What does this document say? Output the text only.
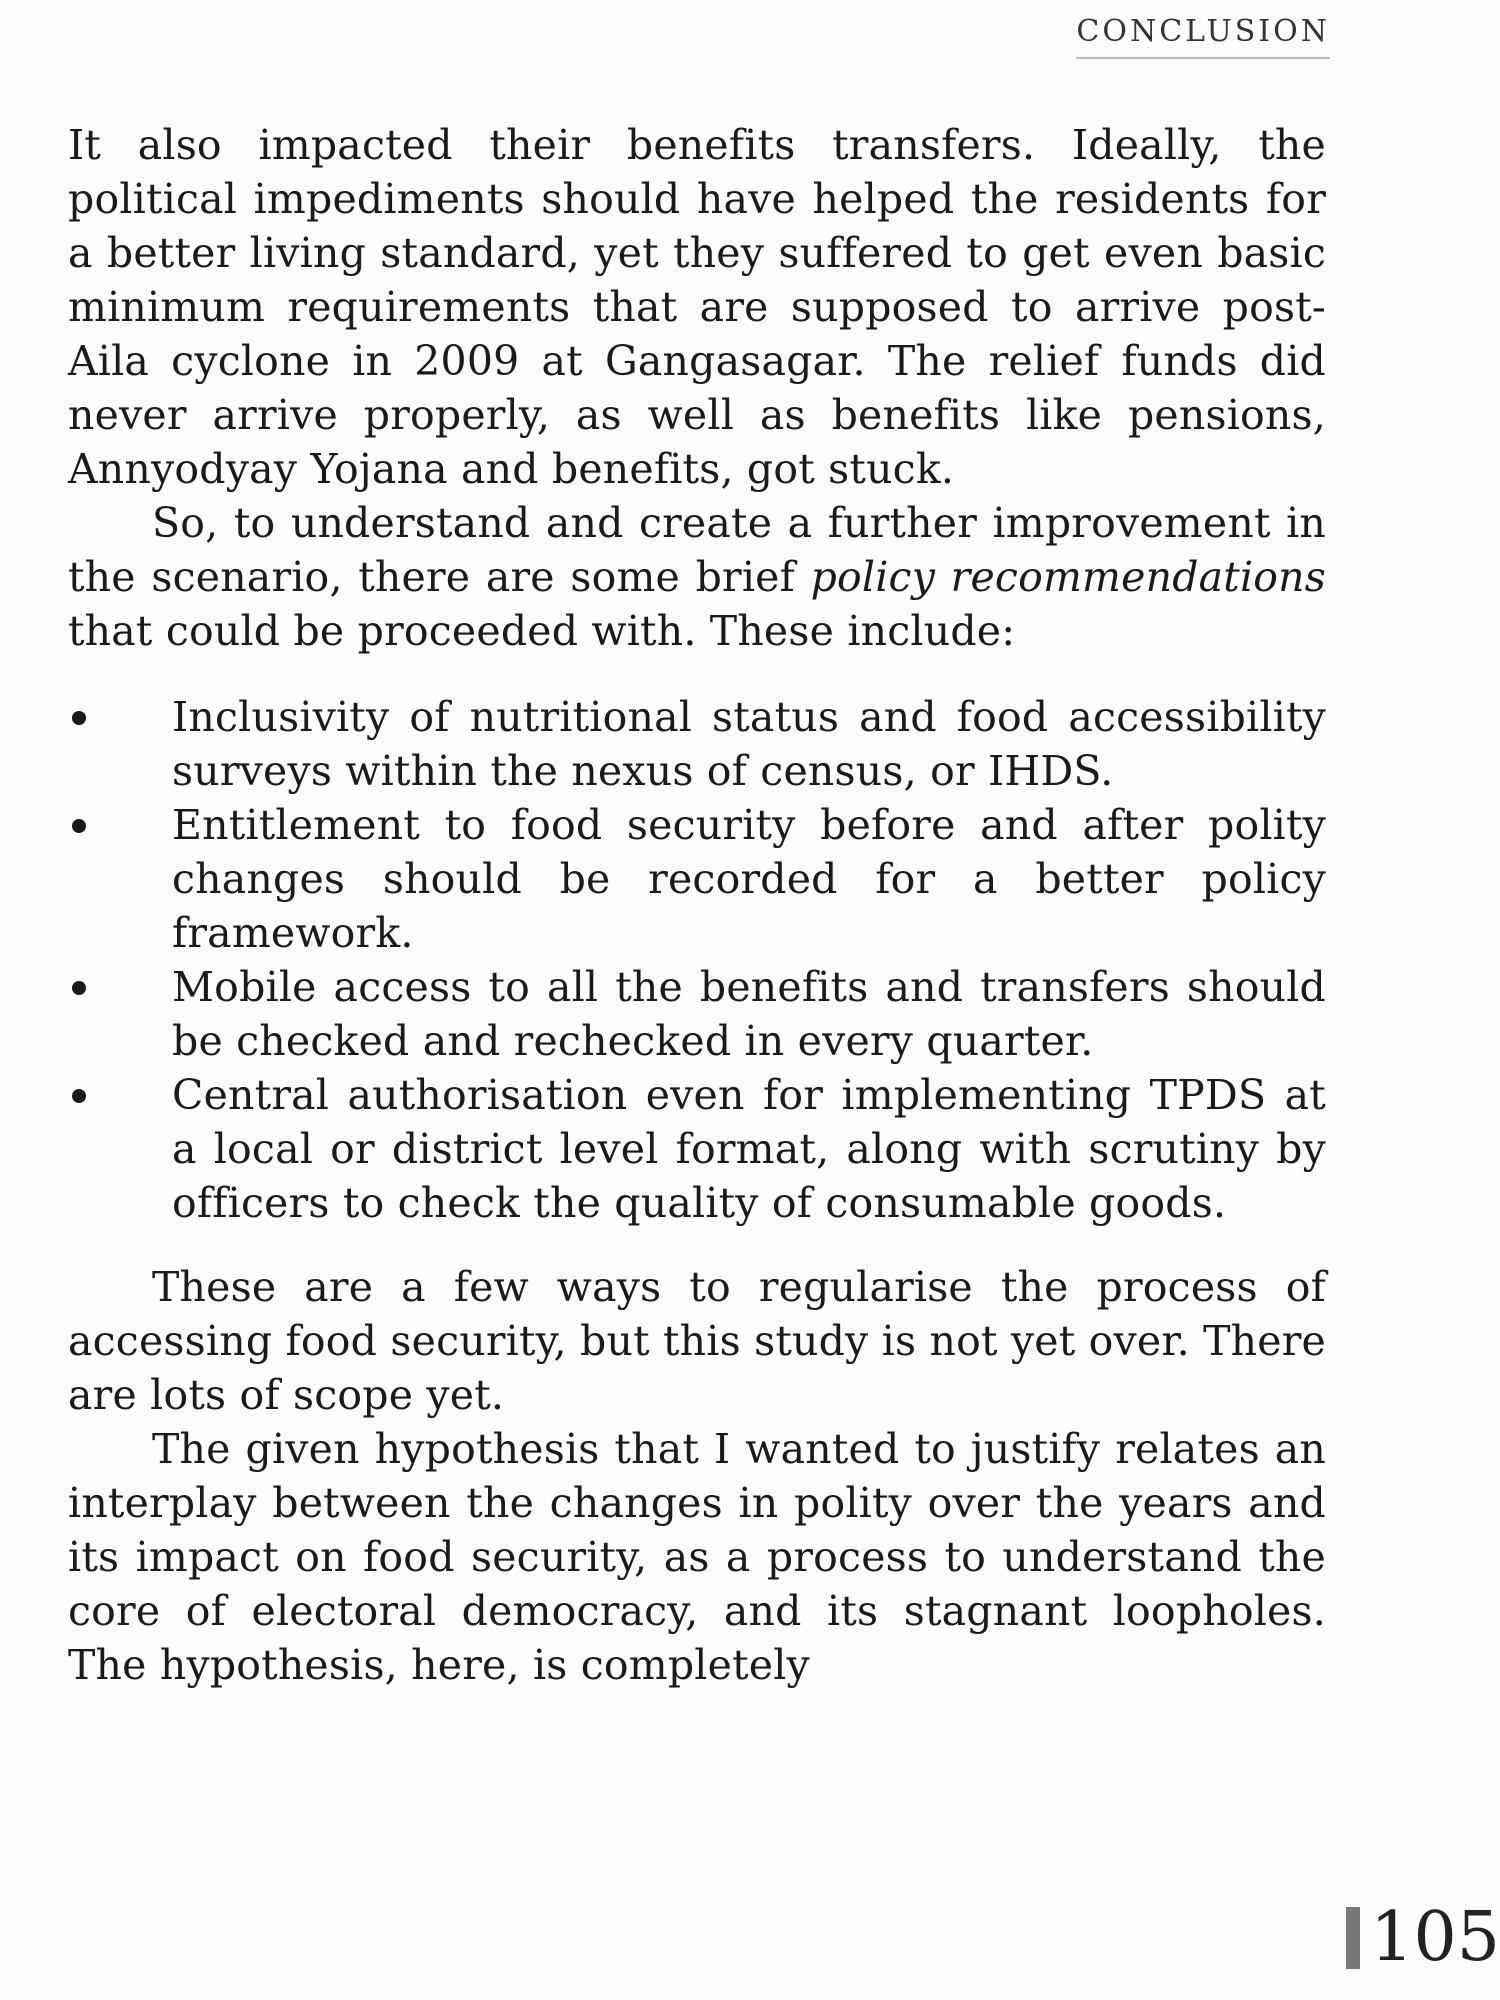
CONCLUSION

It also impacted their benefits transfers. Ideally, the political impediments should have helped the residents for a better living standard, yet they suffered to get even basic minimum requirements that are supposed to arrive post-Aila cyclone in 2009 at Gangasagar. The relief funds did never arrive properly, as well as benefits like pensions, Annyodyay Yojana and benefits, got stuck.

So, to understand and create a further improvement in the scenario, there are some brief policy recommendations that could be proceeded with. These include:

Inclusivity of nutritional status and food accessibility surveys within the nexus of census, or IHDS.
Entitlement to food security before and after polity changes should be recorded for a better policy framework.
Mobile access to all the benefits and transfers should be checked and rechecked in every quarter.
Central authorisation even for implementing TPDS at a local or district level format, along with scrutiny by officers to check the quality of consumable goods.

These are a few ways to regularise the process of accessing food security, but this study is not yet over. There are lots of scope yet.

The given hypothesis that I wanted to justify relates an interplay between the changes in polity over the years and its impact on food security, as a process to understand the core of electoral democracy, and its stagnant loopholes. The hypothesis, here, is completely

105
